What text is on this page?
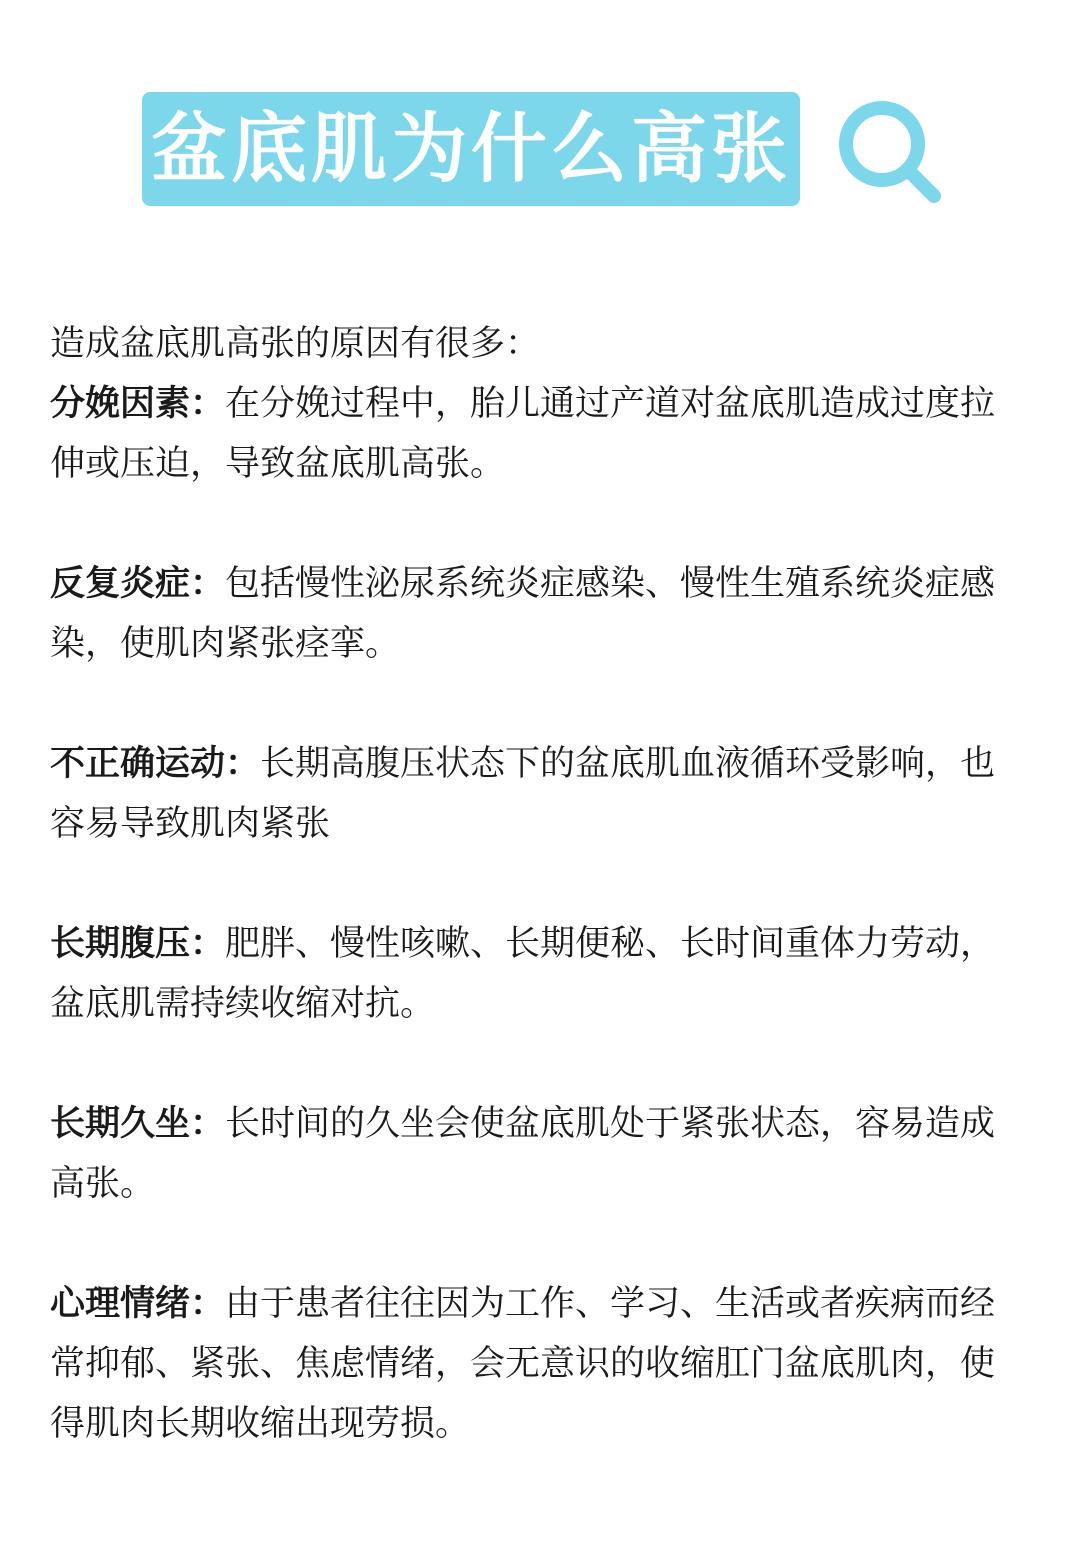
盆底肌为什么高张

造成盆底肌高张的原因有很多：

分娩因素：在分娩过程中，胎儿通过产道对盆底肌造成过度拉伸或压迫，导致盆底肌高张。

反复炎症：包括慢性泌尿系统炎症感染、慢性生殖系统炎症感染，使肌肉紧张痉挛。

不正确运动：长期高腹压状态下的盆底肌血液循环受影响，也容易导致肌肉紧张

长期腹压：肥胖、慢性咳嗽、长期便秘、长时间重体力劳动，盆底肌需持续收缩对抗。

长期久坐：长时间的久坐会使盆底肌处于紧张状态，容易造成高张。

心理情绪：由于患者往往因为工作、学习、生活或者疾病而经常抑郁、紧张、焦虑情绪，会无意识的收缩肛门盆底肌肉，使得肌肉长期收缩出现劳损。
